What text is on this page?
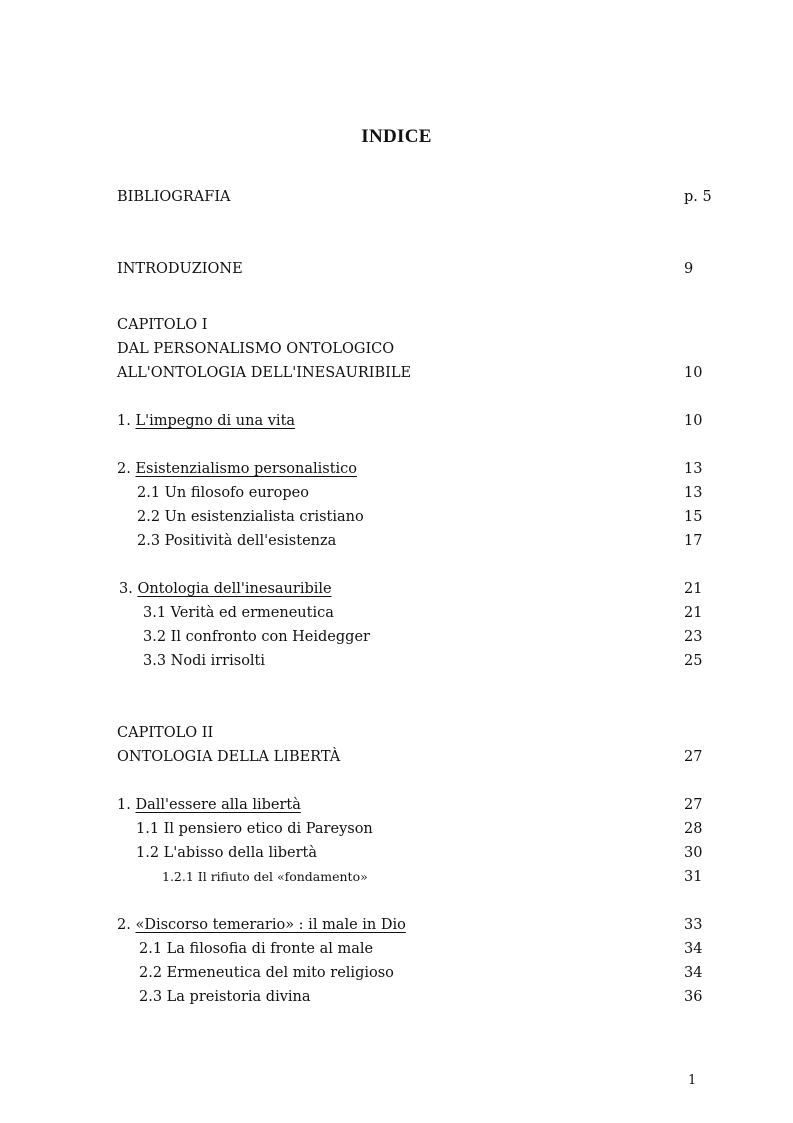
INDICE
BIBLIOGRAFIA	p. 5
INTRODUZIONE	9
CAPITOLO I
DAL PERSONALISMO ONTOLOGICO
ALL'ONTOLOGIA DELL'INESAURIBILE	10
1. L'impegno di una vita	10
2. Esistenzialismo personalistico	13
2.1 Un filosofo europeo	13
2.2 Un esistenzialista cristiano	15
2.3 Positività dell'esistenza	17
3. Ontologia dell'inesauribile	21
3.1 Verità ed ermeneutica	21
3.2 Il confronto con Heidegger	23
3.3 Nodi irrisolti	25
CAPITOLO II
ONTOLOGIA DELLA LIBERTÀ	27
1. Dall'essere alla libertà	27
1.1 Il pensiero etico di Pareyson	28
1.2 L'abisso della libertà	30
1.2.1 Il rifiuto del «fondamento»	31
2. «Discorso temerario» : il male in Dio	33
2.1 La filosofia di fronte al male	34
2.2 Ermeneutica del mito religioso	34
2.3 La preistoria divina	36
1
